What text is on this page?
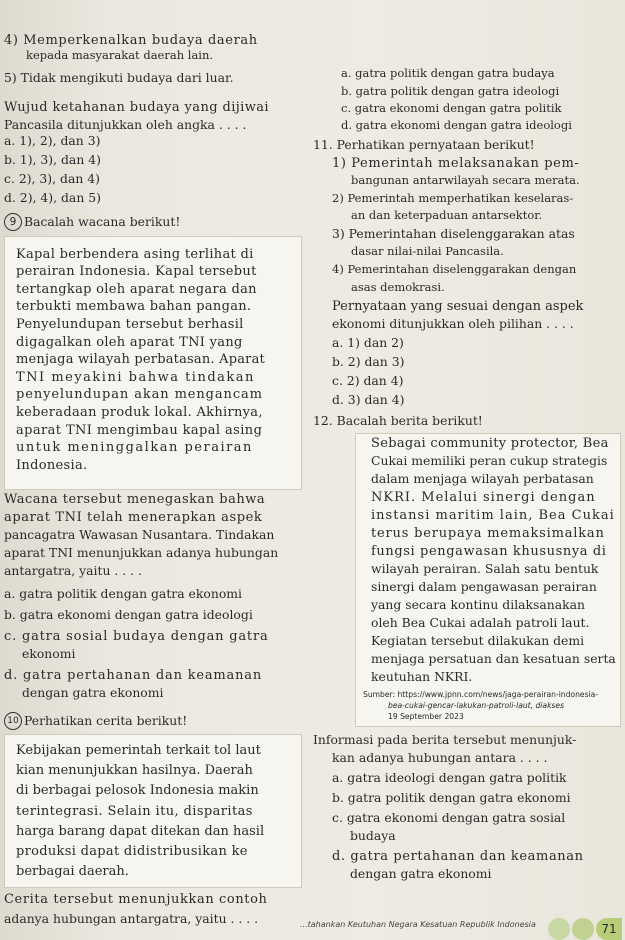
4) Memperkenalkan budaya daerah
kepada masyarakat daerah lain.
5) Tidak mengikuti budaya dari luar.
Wujud ketahanan budaya yang dijiwai
Pancasila ditunjukkan oleh angka . . . .
a. 1), 2), dan 3)
b. 1), 3), dan 4)
c. 2), 3), dan 4)
d. 2), 4), dan 5)
9 Bacalah wacana berikut!
Kapal berbendera asing terlihat di
perairan Indonesia. Kapal tersebut
tertangkap oleh aparat negara dan
terbukti membawa bahan pangan.
Penyelundupan tersebut berhasil
digagalkan oleh aparat TNI yang
menjaga wilayah perbatasan. Aparat
TNI meyakini bahwa tindakan
penyelundupan akan mengancam
keberadaan produk lokal. Akhirnya,
aparat TNI mengimbau kapal asing
untuk meninggalkan perairan
Indonesia.
Wacana tersebut menegaskan bahwa
aparat TNI telah menerapkan aspek
pancagatra Wawasan Nusantara. Tindakan
aparat TNI menunjukkan adanya hubungan
antargatra, yaitu . . . .
a. gatra politik dengan gatra ekonomi
b. gatra ekonomi dengan gatra ideologi
c. gatra sosial budaya dengan gatra
ekonomi
d. gatra pertahanan dan keamanan
dengan gatra ekonomi
10 Perhatikan cerita berikut!
Kebijakan pemerintah terkait tol laut
kian menunjukkan hasilnya. Daerah
di berbagai pelosok Indonesia makin
terintegrasi. Selain itu, disparitas
harga barang dapat ditekan dan hasil
produksi dapat didistribusikan ke
berbagai daerah.
Cerita tersebut menunjukkan contoh
adanya hubungan antargatra, yaitu . . . .
a. gatra politik dengan gatra budaya
b. gatra politik dengan gatra ideologi
c. gatra ekonomi dengan gatra politik
d. gatra ekonomi dengan gatra ideologi
11. Perhatikan pernyataan berikut!
1) Pemerintah melaksanakan pem-
bangunan antarwilayah secara merata.
2) Pemerintah memperhatikan keselaras-
an dan keterpaduan antarsektor.
3) Pemerintahan diselenggarakan atas
dasar nilai-nilai Pancasila.
4) Pemerintahan diselenggarakan dengan
asas demokrasi.
Pernyataan yang sesuai dengan aspek
ekonomi ditunjukkan oleh pilihan . . . .
a. 1) dan 2)
b. 2) dan 3)
c. 2) dan 4)
d. 3) dan 4)
12. Bacalah berita berikut!
Sebagai community protector, Bea
Cukai memiliki peran cukup strategis
dalam menjaga wilayah perbatasan
NKRI. Melalui sinergi dengan
instansi maritim lain, Bea Cukai
terus berupaya memaksimalkan
fungsi pengawasan khususnya di
wilayah perairan. Salah satu bentuk
sinergi dalam pengawasan perairan
yang secara kontinu dilaksanakan
oleh Bea Cukai adalah patroli laut.
Kegiatan tersebut dilakukan demi
menjaga persatuan dan kesatuan serta
keutuhan NKRI.
Sumber: https://www.jpnn.com/news/jaga-perairan-indonesia-
bea-cukai-gencar-lakukan-patroli-laut, diakses
19 September 2023
Informasi pada berita tersebut menunjuk-
kan adanya hubungan antara . . . .
a. gatra ideologi dengan gatra politik
b. gatra politik dengan gatra ekonomi
c. gatra ekonomi dengan gatra sosial
budaya
d. gatra pertahanan dan keamanan
dengan gatra ekonomi
...tahankan Keutuhan Negara Kesatuan Republik Indonesia	71
